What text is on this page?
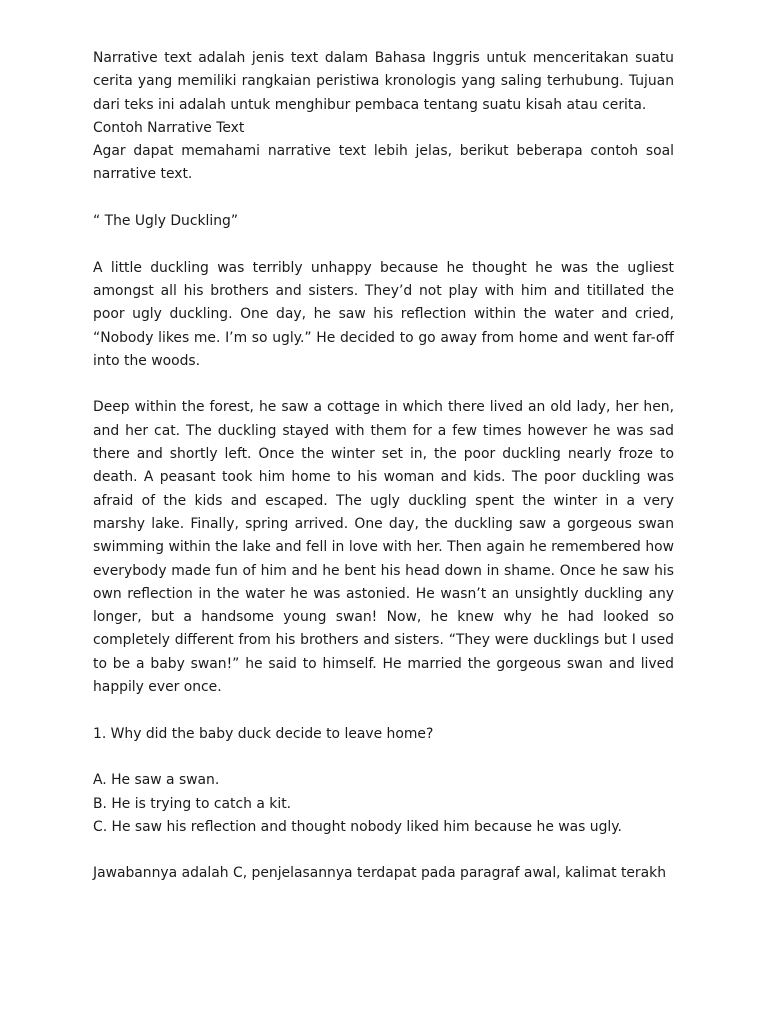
Narrative text adalah jenis text dalam Bahasa Inggris untuk menceritakan suatu cerita yang memiliki rangkaian peristiwa kronologis yang saling terhubung. Tujuan dari teks ini adalah untuk menghibur pembaca tentang suatu kisah atau cerita.

Contoh Narrative Text

Agar dapat memahami narrative text lebih jelas, berikut beberapa contoh soal narrative text.

“ The Ugly Duckling”

A little duckling was terribly unhappy because he thought he was the ugliest amongst all his brothers and sisters. They’d not play with him and titillated the poor ugly duckling. One day, he saw his reflection within the water and cried, “Nobody likes me. I’m so ugly.” He decided to go away from home and went far-off into the woods.

Deep within the forest, he saw a cottage in which there lived an old lady, her hen, and her cat. The duckling stayed with them for a few times however he was sad there and shortly left. Once the winter set in, the poor duckling nearly froze to death. A peasant took him home to his woman and kids. The poor duckling was afraid of the kids and escaped. The ugly duckling spent the winter in a very marshy lake. Finally, spring arrived. One day, the duckling saw a gorgeous swan swimming within the lake and fell in love with her. Then again he remembered how everybody made fun of him and he bent his head down in shame. Once he saw his own reflection in the water he was astonied. He wasn’t an unsightly duckling any longer, but a handsome young swan! Now, he knew why he had looked so completely different from his brothers and sisters. “They were ducklings but I used to be a baby swan!” he said to himself. He married the gorgeous swan and lived happily ever once.

1. Why did the baby duck decide to leave home?

A. He saw a swan.

B. He is trying to catch a kit.

C. He saw his reflection and thought nobody liked him because he was ugly.

Jawabannya adalah C, penjelasannya terdapat pada paragraf awal, kalimat terakh
